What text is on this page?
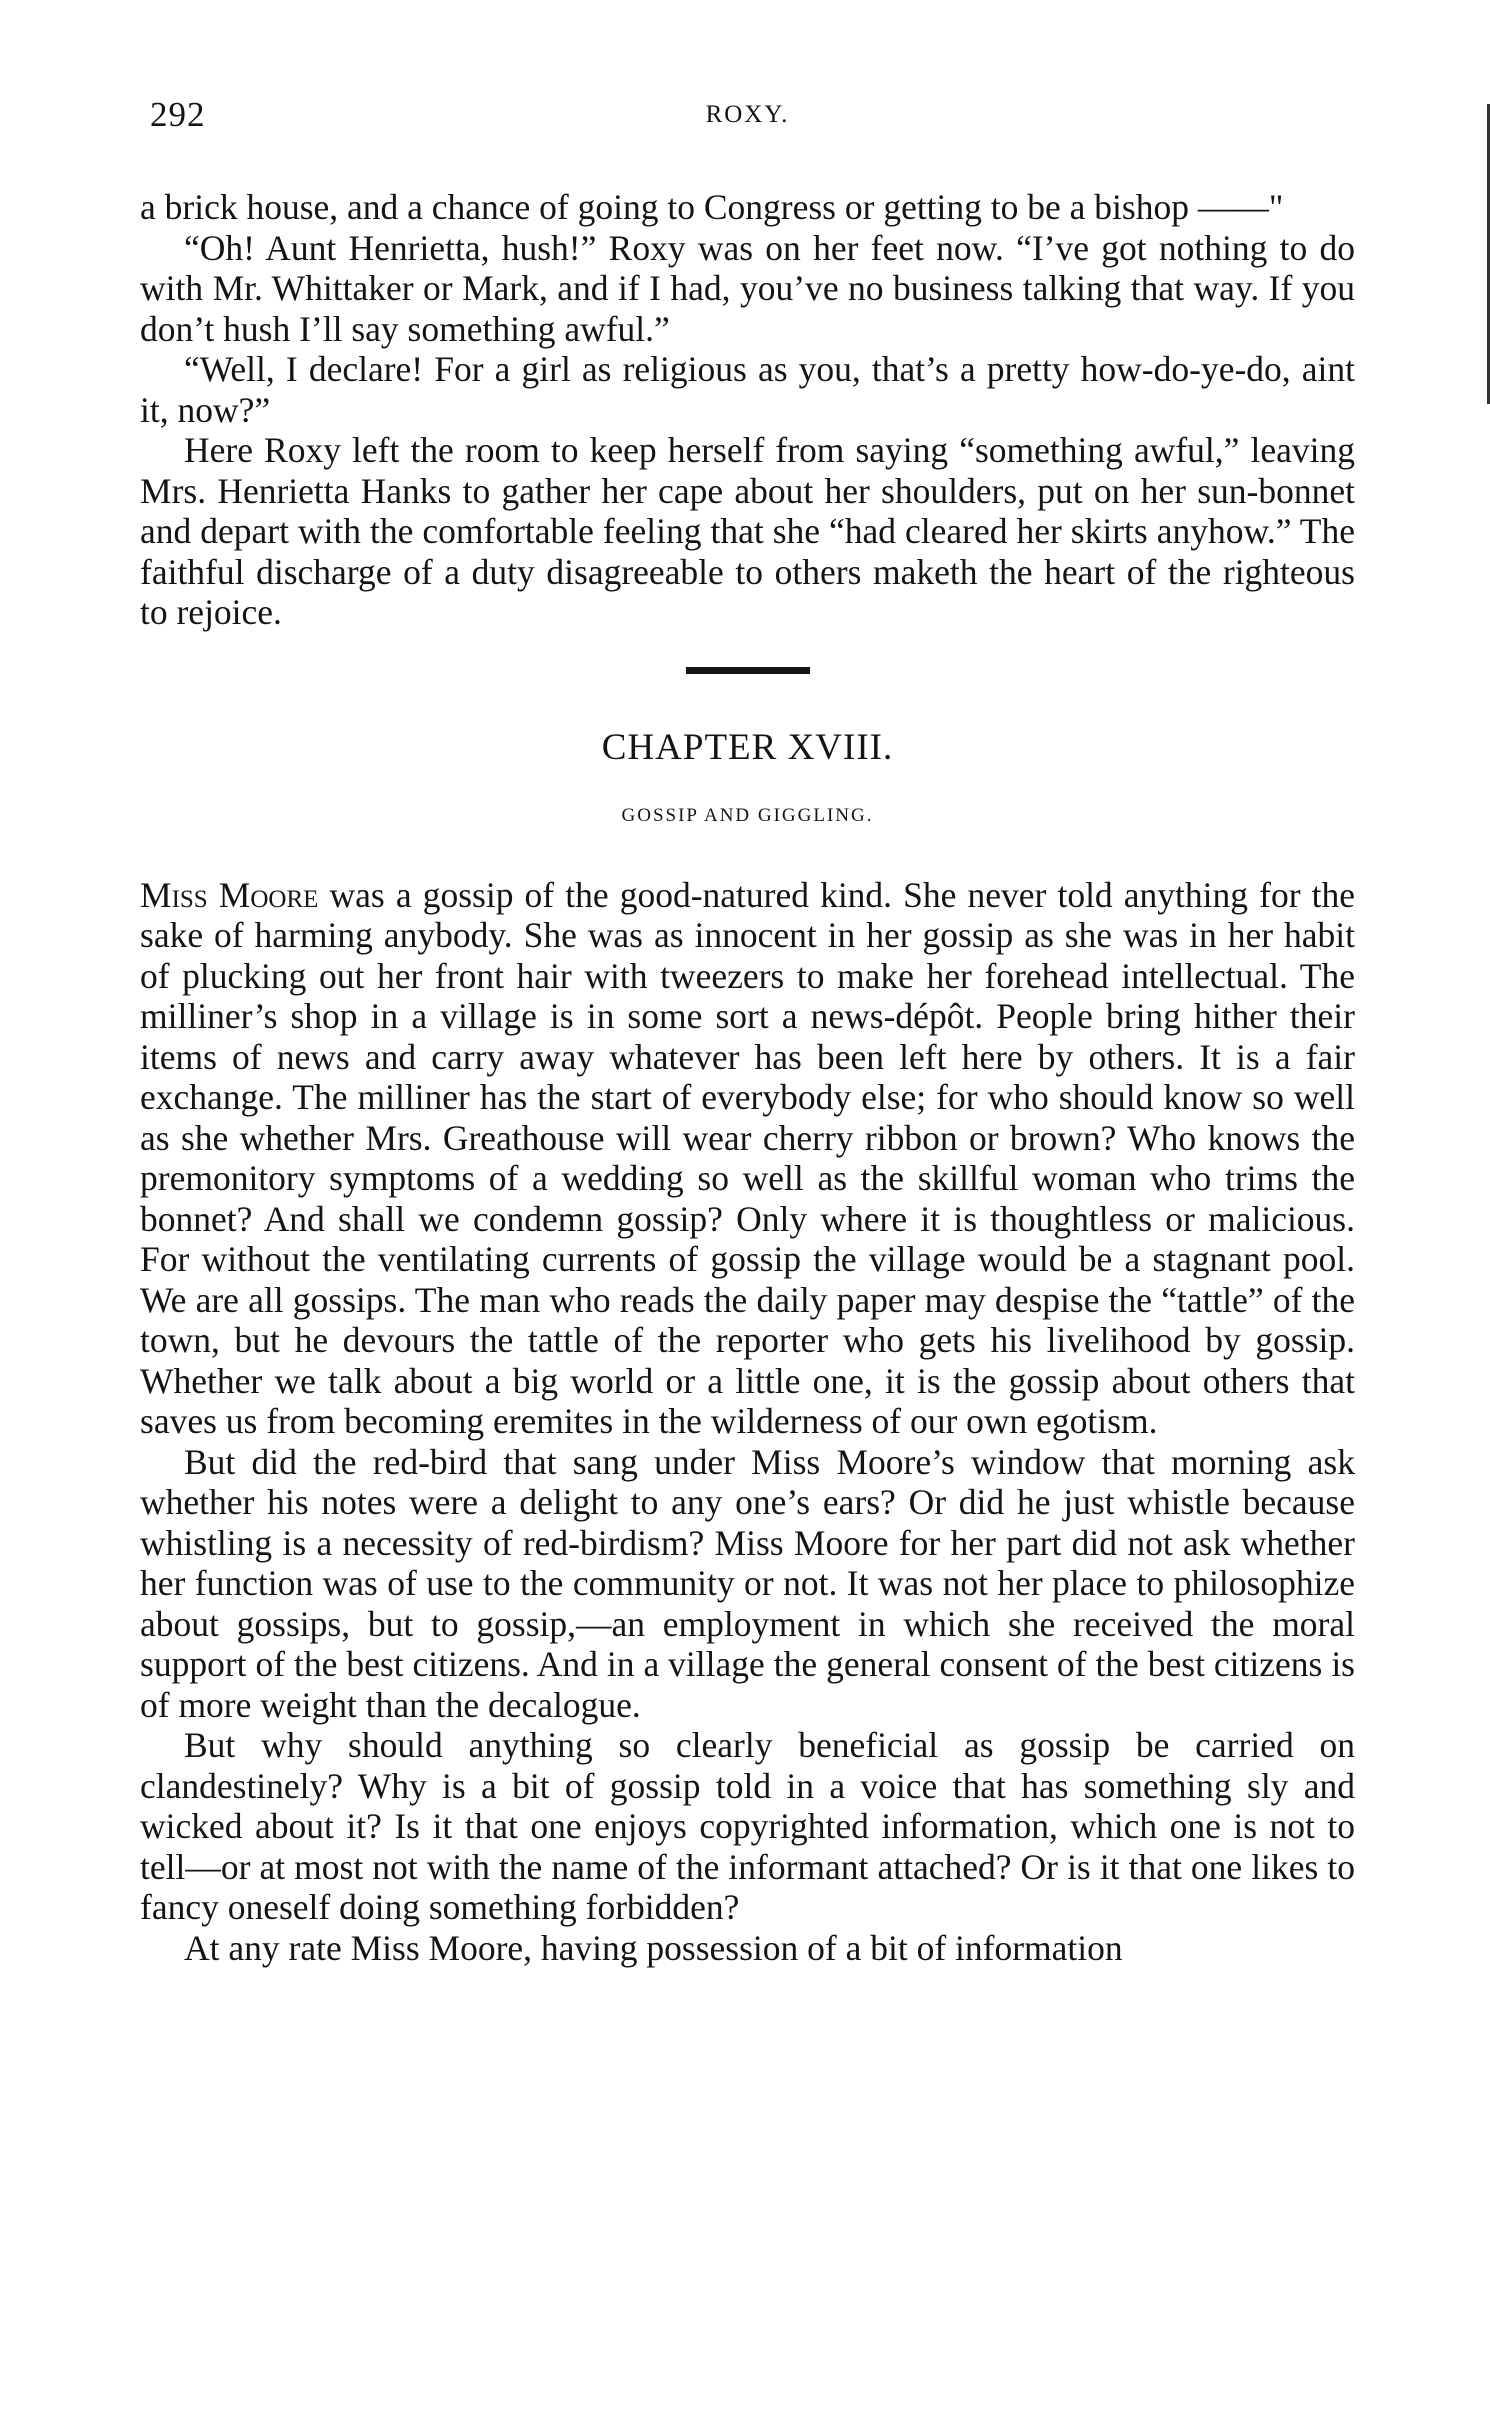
292	ROXY.

a brick house, and a chance of going to Congress or getting to be a bishop ——"

“Oh! Aunt Henrietta, hush!” Roxy was on her feet now. “I’ve got nothing to do with Mr. Whittaker or Mark, and if I had, you’ve no business talking that way. If you don’t hush I’ll say something awful.”

“Well, I declare! For a girl as religious as you, that’s a pretty how-do-ye-do, aint it, now?”

Here Roxy left the room to keep herself from saying “something awful,” leaving Mrs. Henrietta Hanks to gather her cape about her shoulders, put on her sun-bonnet and depart with the comfortable feeling that she “had cleared her skirts anyhow.” The faithful discharge of a duty disagreeable to others maketh the heart of the righteous to rejoice.

CHAPTER XVIII.
GOSSIP AND GIGGLING.

Miss Moore was a gossip of the good-natured kind. She never told anything for the sake of harming anybody. She was as innocent in her gossip as she was in her habit of plucking out her front hair with tweezers to make her forehead intellectual. The milliner’s shop in a village is in some sort a news-dépôt. People bring hither their items of news and carry away whatever has been left here by others. It is a fair exchange. The milliner has the start of everybody else; for who should know so well as she whether Mrs. Greathouse will wear cherry ribbon or brown? Who knows the premonitory symptoms of a wedding so well as the skillful woman who trims the bonnet? And shall we condemn gossip? Only where it is thoughtless or malicious. For without the ventilating currents of gossip the village would be a stagnant pool. We are all gossips. The man who reads the daily paper may despise the “tattle” of the town, but he devours the tattle of the reporter who gets his livelihood by gossip. Whether we talk about a big world or a little one, it is the gossip about others that saves us from becoming eremites in the wilderness of our own egotism.

But did the red-bird that sang under Miss Moore’s window that morning ask whether his notes were a delight to any one’s ears? Or did he just whistle because whistling is a necessity of red-birdism? Miss Moore for her part did not ask whether her function was of use to the community or not. It was not her place to philosophize about gossips, but to gossip,—an employment in which she received the moral support of the best citizens. And in a village the general consent of the best citizens is of more weight than the decalogue.

But why should anything so clearly beneficial as gossip be carried on clandestinely? Why is a bit of gossip told in a voice that has something sly and wicked about it? Is it that one enjoys copyrighted information, which one is not to tell—or at most not with the name of the informant attached? Or is it that one likes to fancy oneself doing something forbidden?

At any rate Miss Moore, having possession of a bit of information
